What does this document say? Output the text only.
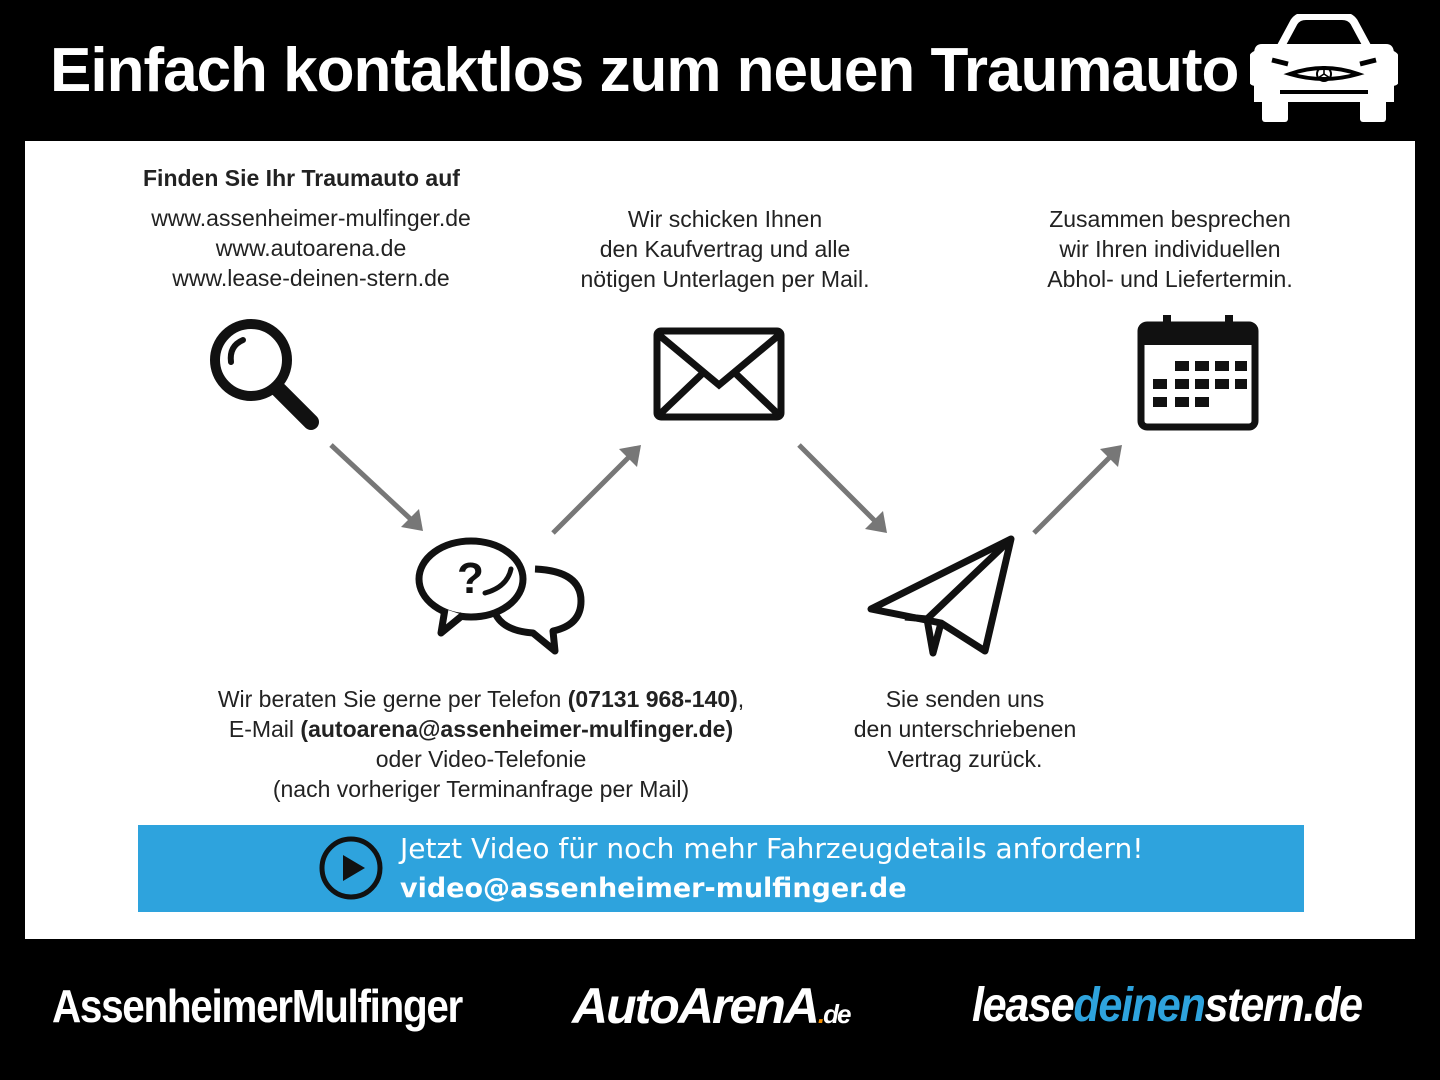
Einfach kontaktlos zum neuen Traumauto
Finden Sie Ihr Traumauto auf
www.assenheimer-mulfinger.de
www.autoarena.de
www.lease-deinen-stern.de
Wir schicken Ihnen
den Kaufvertrag und alle
nötigen Unterlagen per Mail.
Zusammen besprechen
wir Ihren individuellen
Abhol- und Liefertermin.
?
Wir beraten Sie gerne per Telefon (07131 968-140),
E-Mail (autoarena@assenheimer-mulfinger.de)
oder Video-Telefonie
(nach vorheriger Terminanfrage per Mail)
Sie senden uns
den unterschriebenen
Vertrag zurück.
Jetzt Video für noch mehr Fahrzeugdetails anfordern!
video@assenheimer-mulfinger.de
AssenheimerMulfinger AutoArenA.de	leasedeinenstern.de
